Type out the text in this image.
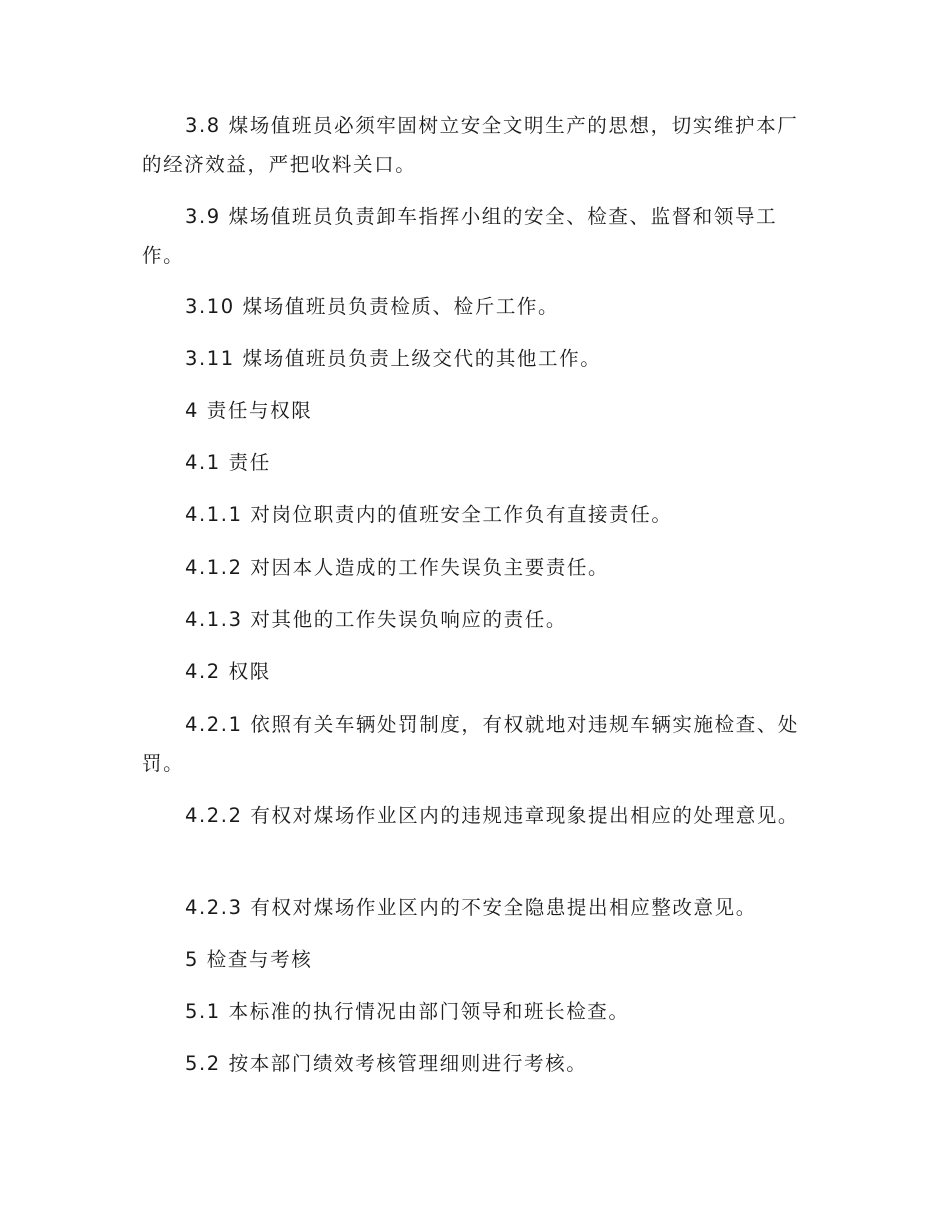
3.8 煤场值班员必须牢固树立安全文明生产的思想，切实维护本厂的经济效益，严把收料关口。

3.9 煤场值班员负责卸车指挥小组的安全、检查、监督和领导工作。

3.10 煤场值班员负责检质、检斤工作。

3.11 煤场值班员负责上级交代的其他工作。

4 责任与权限

4.1 责任

4.1.1 对岗位职责内的值班安全工作负有直接责任。

4.1.2 对因本人造成的工作失误负主要责任。

4.1.3 对其他的工作失误负响应的责任。

4.2 权限

4.2.1 依照有关车辆处罚制度，有权就地对违规车辆实施检查、处罚。

4.2.2 有权对煤场作业区内的违规违章现象提出相应的处理意见。

4.2.3 有权对煤场作业区内的不安全隐患提出相应整改意见。

5 检查与考核

5.1 本标准的执行情况由部门领导和班长检查。

5.2 按本部门绩效考核管理细则进行考核。
